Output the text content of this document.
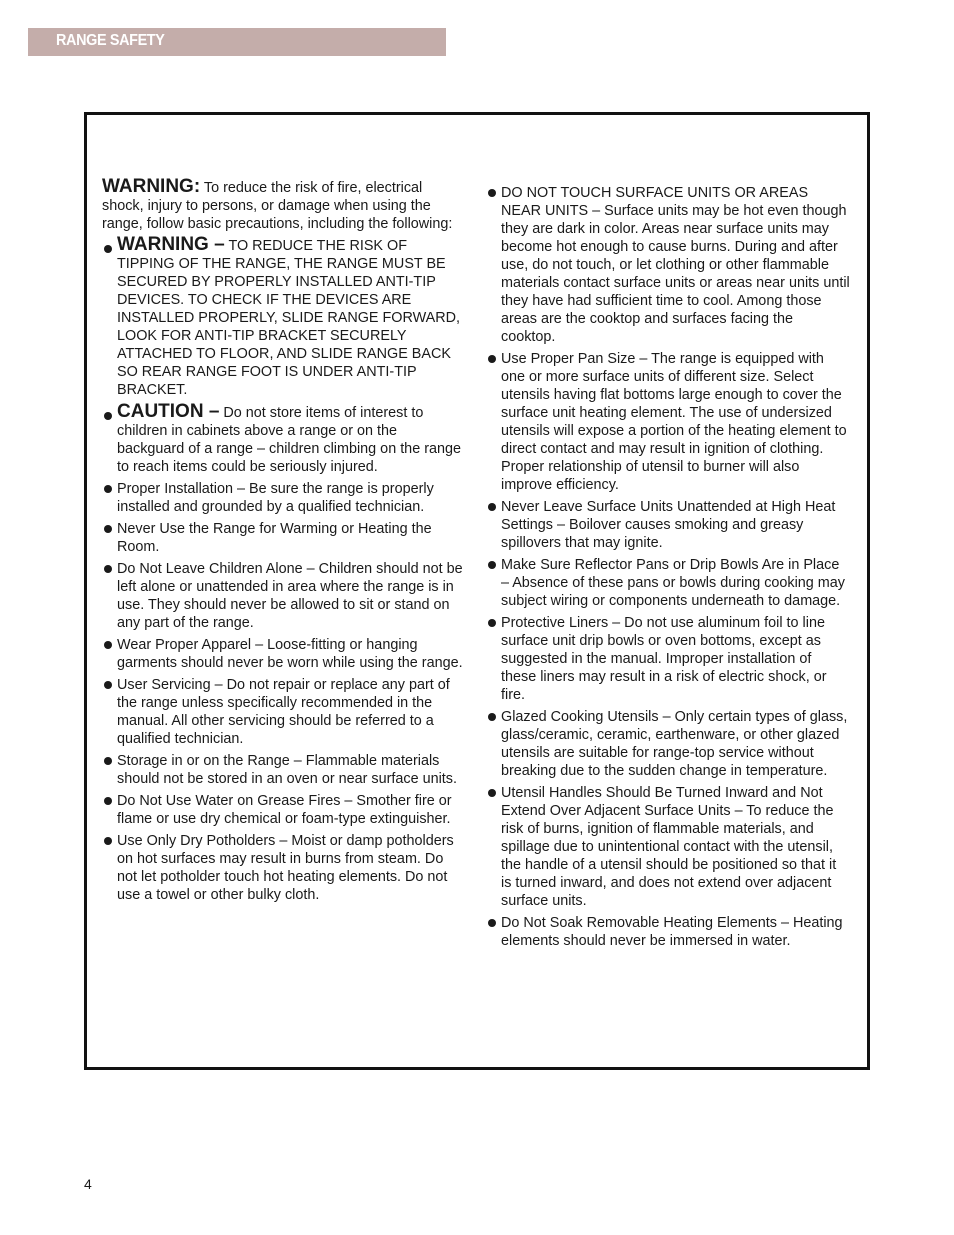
RANGE SAFETY

WARNING: To reduce the risk of fire, electrical shock, injury to persons, or damage when using the range, follow basic precautions, including the following:

WARNING – TO REDUCE THE RISK OF TIPPING OF THE RANGE, THE RANGE MUST BE SECURED BY PROPERLY INSTALLED ANTI-TIP DEVICES. TO CHECK IF THE DEVICES ARE INSTALLED PROPERLY, SLIDE RANGE FORWARD, LOOK FOR ANTI-TIP BRACKET SECURELY ATTACHED TO FLOOR, AND SLIDE RANGE BACK SO REAR RANGE FOOT IS UNDER ANTI-TIP BRACKET.
CAUTION – Do not store items of interest to children in cabinets above a range or on the backguard of a range – children climbing on the range to reach items could be seriously injured.
Proper Installation – Be sure the range is properly installed and grounded by a qualified technician.
Never Use the Range for Warming or Heating the Room.
Do Not Leave Children Alone – Children should not be left alone or unattended in area where the range is in use. They should never be allowed to sit or stand on any part of the range.
Wear Proper Apparel – Loose-fitting or hanging garments should never be worn while using the range.
User Servicing – Do not repair or replace any part of the range unless specifically recommended in the manual. All other servicing should be referred to a qualified technician.
Storage in or on the Range – Flammable materials should not be stored in an oven or near surface units.
Do Not Use Water on Grease Fires – Smother fire or flame or use dry chemical or foam-type extinguisher.
Use Only Dry Potholders – Moist or damp potholders on hot surfaces may result in burns from steam. Do not let potholder touch hot heating elements. Do not use a towel or other bulky cloth.
DO NOT TOUCH SURFACE UNITS OR AREAS NEAR UNITS – Surface units may be hot even though they are dark in color. Areas near surface units may become hot enough to cause burns. During and after use, do not touch, or let clothing or other flammable materials contact surface units or areas near units until they have had sufficient time to cool. Among those areas are the cooktop and surfaces facing the cooktop.
Use Proper Pan Size – The range is equipped with one or more surface units of different size. Select utensils having flat bottoms large enough to cover the surface unit heating element. The use of undersized utensils will expose a portion of the heating element to direct contact and may result in ignition of clothing. Proper relationship of utensil to burner will also improve efficiency.
Never Leave Surface Units Unattended at High Heat Settings – Boilover causes smoking and greasy spillovers that may ignite.
Make Sure Reflector Pans or Drip Bowls Are in Place – Absence of these pans or bowls during cooking may subject wiring or components underneath to damage.
Protective Liners – Do not use aluminum foil to line surface unit drip bowls or oven bottoms, except as suggested in the manual. Improper installation of these liners may result in a risk of electric shock, or fire.
Glazed Cooking Utensils – Only certain types of glass, glass/ceramic, ceramic, earthenware, or other glazed utensils are suitable for range-top service without breaking due to the sudden change in temperature.
Utensil Handles Should Be Turned Inward and Not Extend Over Adjacent Surface Units – To reduce the risk of burns, ignition of flammable materials, and spillage due to unintentional contact with the utensil, the handle of a utensil should be positioned so that it is turned inward, and does not extend over adjacent surface units.
Do Not Soak Removable Heating Elements – Heating elements should never be immersed in water.
4
